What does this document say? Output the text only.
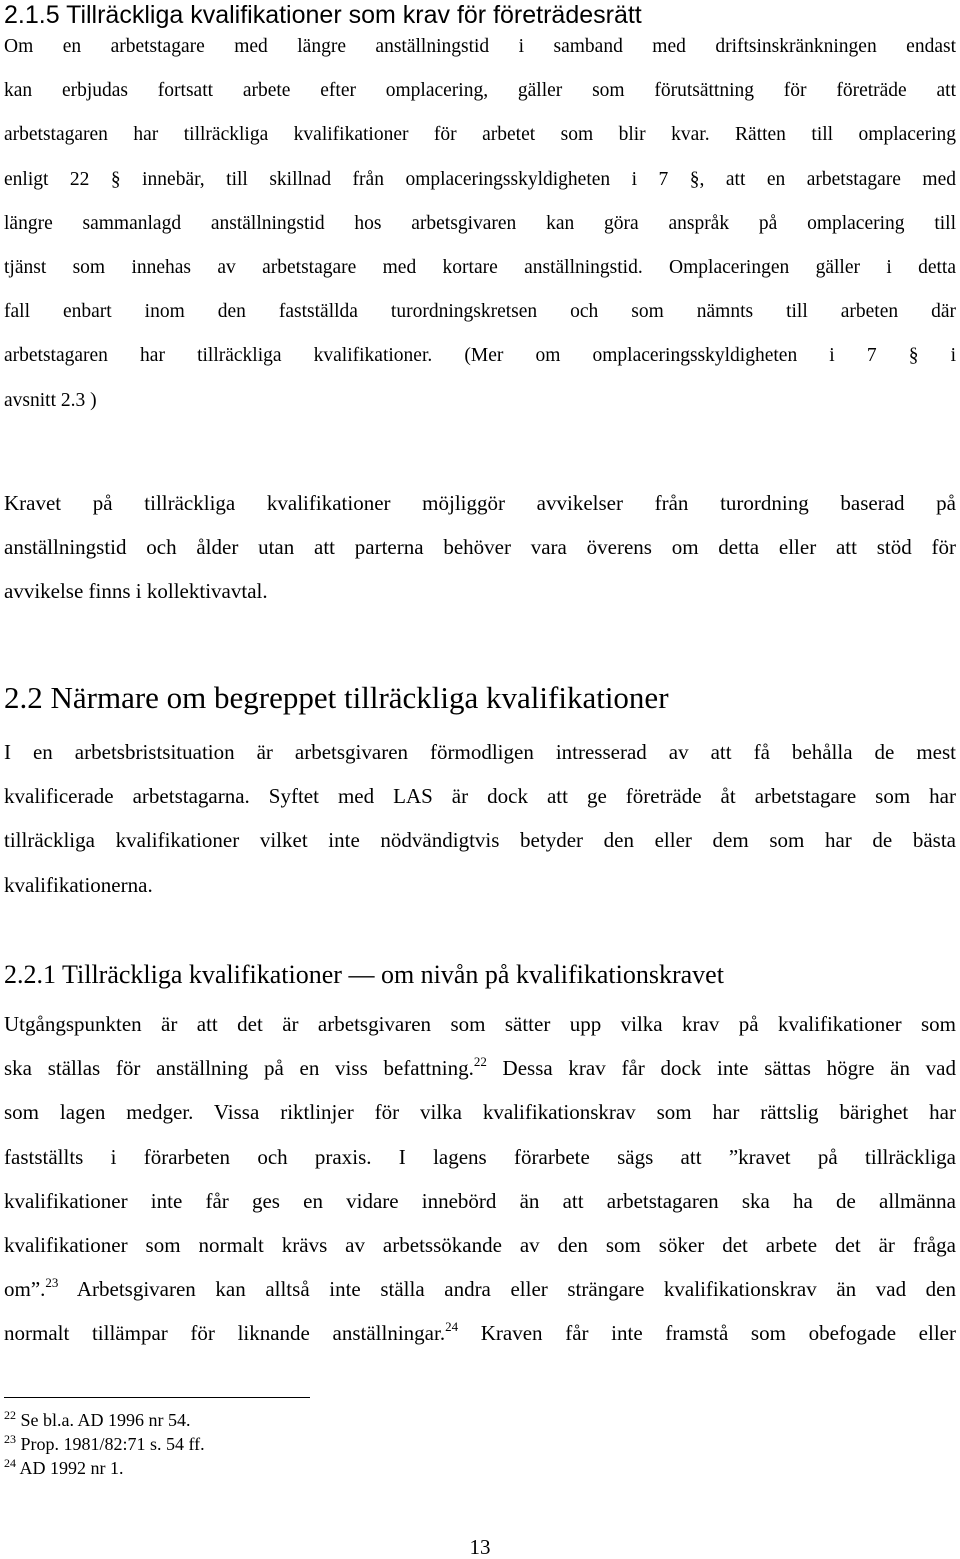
2.1.5 Tillräckliga kvalifikationer som krav för företrädesrätt
Om en arbetstagare med längre anställningstid i samband med driftsinskränkningen endast
kan erbjudas fortsatt arbete efter omplacering, gäller som förutsättning för företräde att
arbetstagaren har tillräckliga kvalifikationer för arbetet som blir kvar. Rätten till omplacering
enligt 22 § innebär, till skillnad från omplaceringsskyldigheten i 7 §, att en arbetstagare med
längre sammanlagd anställningstid hos arbetsgivaren kan göra anspråk på omplacering till
tjänst som innehas av arbetstagare med kortare anställningstid. Omplaceringen gäller i detta
fall enbart inom den fastställda turordningskretsen och som nämnts till arbeten där
arbetstagaren har tillräckliga kvalifikationer. (Mer om omplaceringsskyldigheten i 7 § i
avsnitt 2.3 )
Kravet på tillräckliga kvalifikationer möjliggör avvikelser från turordning baserad på
anställningstid och ålder utan att parterna behöver vara överens om detta eller att stöd för
avvikelse finns i kollektivavtal.
2.2 Närmare om begreppet tillräckliga kvalifikationer
I en arbetsbristsituation är arbetsgivaren förmodligen intresserad av att få behålla de mest
kvalificerade arbetstagarna. Syftet med LAS är dock att ge företräde åt arbetstagare som har
tillräckliga kvalifikationer vilket inte nödvändigtvis betyder den eller dem som har de bästa
kvalifikationerna.
2.2.1 Tillräckliga kvalifikationer — om nivån på kvalifikationskravet
Utgångspunkten är att det är arbetsgivaren som sätter upp vilka krav på kvalifikationer som
ska ställas för anställning på en viss befattning.$^{22}$ Dessa krav får dock inte sättas högre än vad
som lagen medger. Vissa riktlinjer för vilka kvalifikationskrav som har rättslig bärighet har
fastställts i förarbeten och praxis. I lagens förarbete sägs att ”kravet på tillräckliga
kvalifikationer inte får ges en vidare innebörd än att arbetstagaren ska ha de allmänna
kvalifikationer som normalt krävs av arbetssökande av den som söker det arbete det är fråga
om”.$^{23}$ Arbetsgivaren kan alltså inte ställa andra eller strängare kvalifikationskrav än vad den
normalt tillämpar för liknande anställningar.$^{24}$ Kraven får inte framstå som obefogade eller
$^{22}$ Se bl.a. AD 1996 nr 54.
$^{23}$ Prop. 1981/82:71 s. 54 ff.
$^{24}$ AD 1992 nr 1.
13
